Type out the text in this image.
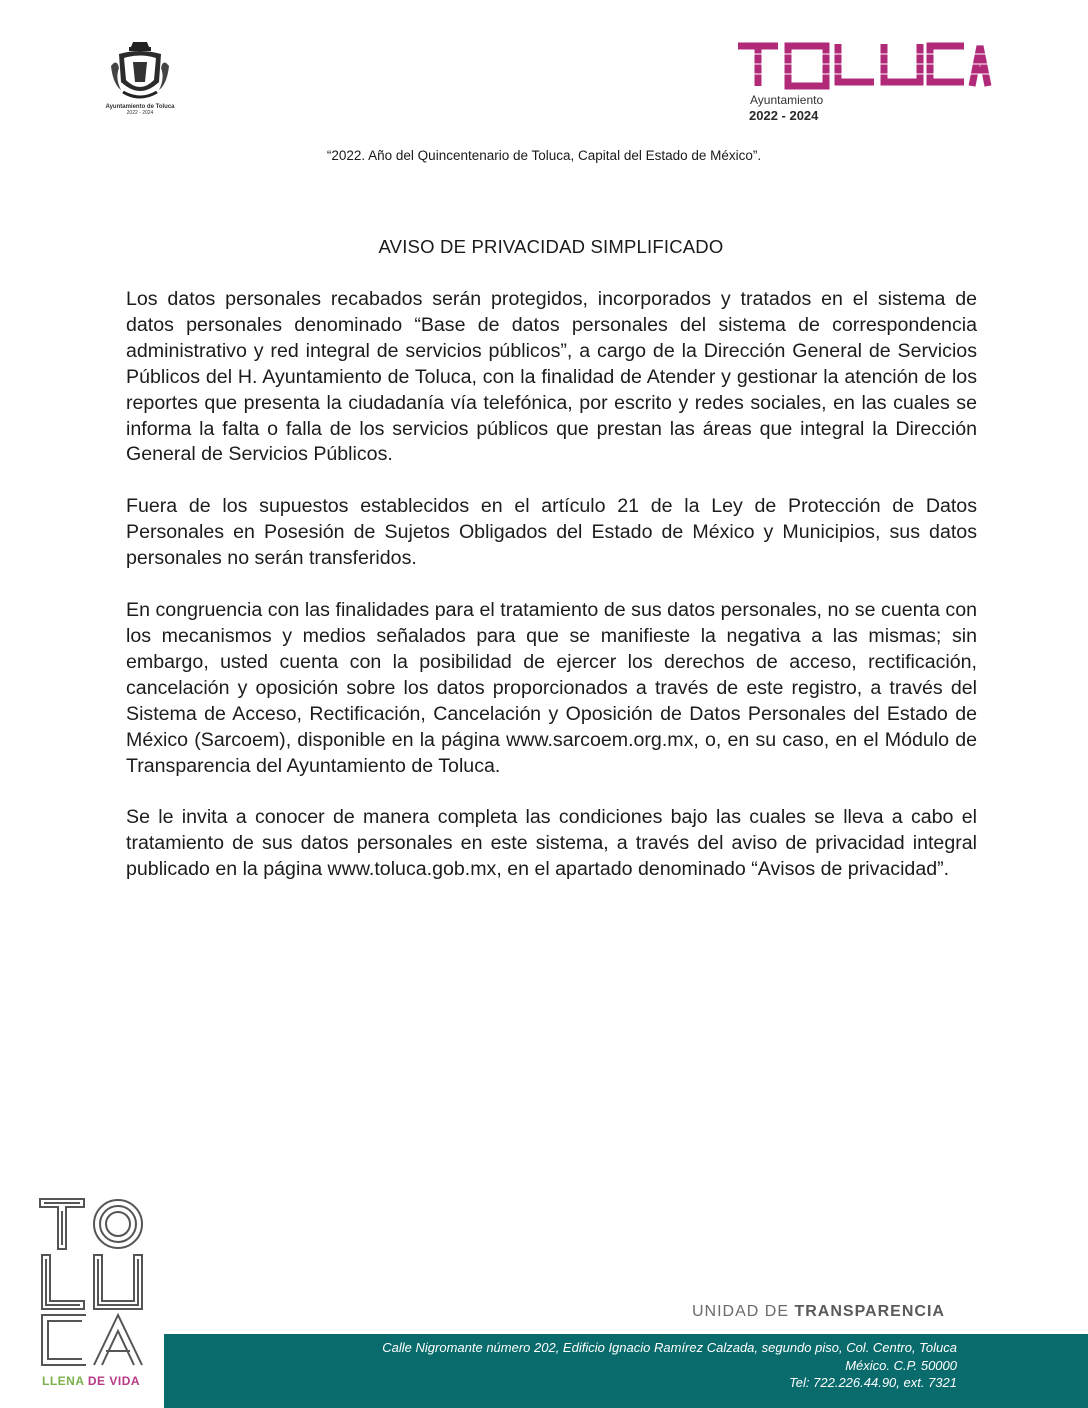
Ayuntamiento de Toluca
2022 - 2024
Ayuntamiento
2022 - 2024
“2022. Año del Quincentenario de Toluca, Capital del Estado de México”.
AVISO DE PRIVACIDAD SIMPLIFICADO

Los datos personales recabados serán protegidos, incorporados y tratados en el sistema de datos personales denominado “Base de datos personales del sistema de correspondencia administrativo y red integral de servicios públicos”, a cargo de la Dirección General de Servicios Públicos del H. Ayuntamiento de Toluca, con la finalidad de Atender y gestionar la atención de los reportes que presenta la ciudadanía vía telefónica, por escrito y redes sociales, en las cuales se informa la falta o falla de los servicios públicos que prestan las áreas que integral la Dirección General de Servicios Públicos.

Fuera de los supuestos establecidos en el artículo 21 de la Ley de Protección de Datos Personales en Posesión de Sujetos Obligados del Estado de México y Municipios, sus datos personales no serán transferidos.

En congruencia con las finalidades para el tratamiento de sus datos personales, no se cuenta con los mecanismos y medios señalados para que se manifieste la negativa a las mismas; sin embargo, usted cuenta con la posibilidad de ejercer los derechos de acceso, rectificación, cancelación y oposición sobre los datos proporcionados a través de este registro, a través del Sistema de Acceso, Rectificación, Cancelación y Oposición de Datos Personales del Estado de México (Sarcoem), disponible en la página www.sarcoem.org.mx, o, en su caso, en el Módulo de Transparencia del Ayuntamiento de Toluca.

Se le invita a conocer de manera completa las condiciones bajo las cuales se lleva a cabo el tratamiento de sus datos personales en este sistema, a través del aviso de privacidad integral publicado en la página www.toluca.gob.mx, en el apartado denominado “Avisos de privacidad”.

LLENA DE VIDA
UNIDAD DE TRANSPARENCIA
Calle Nigromante número 202, Edificio Ignacio Ramírez Calzada, segundo piso, Col. Centro, Toluca
México. C.P. 50000
Tel: 722.226.44.90, ext. 7321
